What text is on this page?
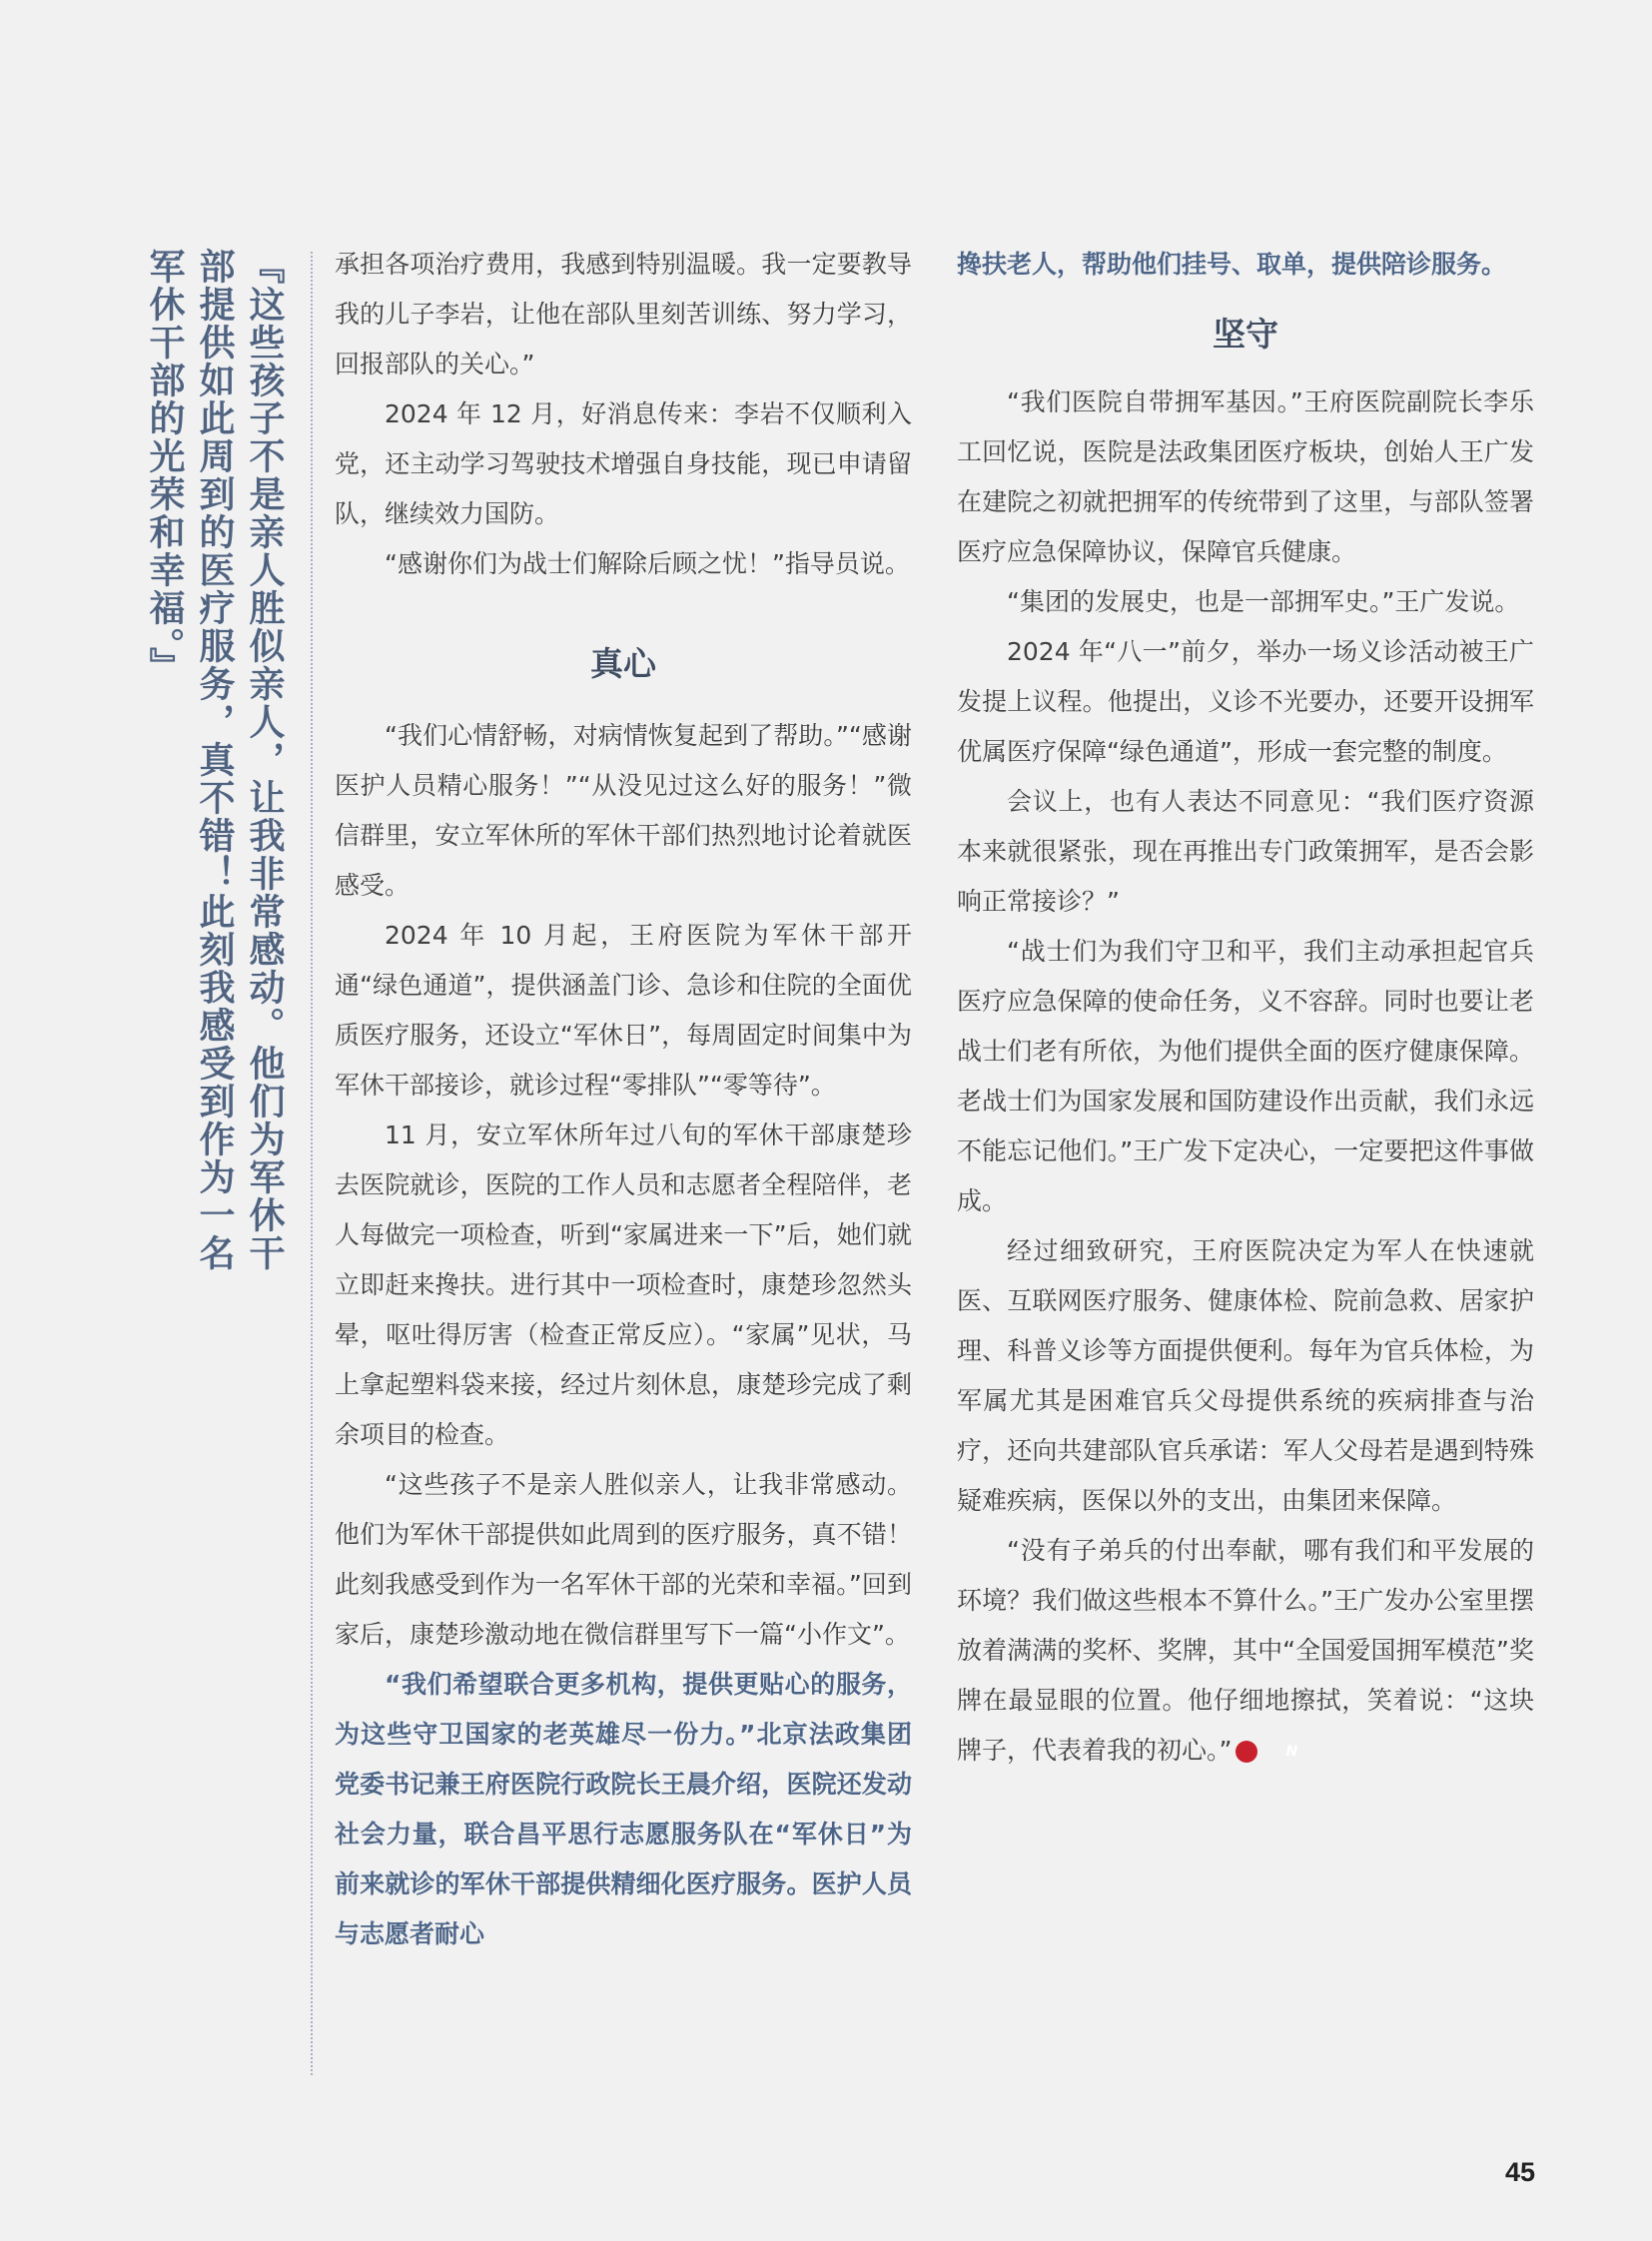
『这些孩子不是亲人胜似亲人，让我非常感动。他们为军休干部提供如此周到的医疗服务，真不错！此刻我感受到作为一名军休干部的光荣和幸福。』	承担各项治疗费用，我感到特别温暖。我一定要教导我的儿子李岩，让他在部队里刻苦训练、努力学习，回报部队的关心。”

2024 年 12 月，好消息传来：李岩不仅顺利入党，还主动学习驾驶技术增强自身技能，现已申请留队，继续效力国防。

“感谢你们为战士们解除后顾之忧！”指导员说。

真心

“我们心情舒畅，对病情恢复起到了帮助。”“感谢医护人员精心服务！”“从没见过这么好的服务！”微信群里，安立军休所的军休干部们热烈地讨论着就医感受。

2024 年 10 月起，王府医院为军休干部开通“绿色通道”，提供涵盖门诊、急诊和住院的全面优质医疗服务，还设立“军休日”，每周固定时间集中为军休干部接诊，就诊过程“零排队”“零等待”。

11 月，安立军休所年过八旬的军休干部康楚珍去医院就诊，医院的工作人员和志愿者全程陪伴，老人每做完一项检查，听到“家属进来一下”后，她们就立即赶来搀扶。进行其中一项检查时，康楚珍忽然头晕，呕吐得厉害（检查正常反应）。“家属”见状，马上拿起塑料袋来接，经过片刻休息，康楚珍完成了剩余项目的检查。

“这些孩子不是亲人胜似亲人，让我非常感动。他们为军休干部提供如此周到的医疗服务，真不错！此刻我感受到作为一名军休干部的光荣和幸福。”回到家后，康楚珍激动地在微信群里写下一篇“小作文”。

“我们希望联合更多机构，提供更贴心的服务，为这些守卫国家的老英雄尽一份力。”北京法政集团党委书记兼王府医院行政院长王晨介绍，医院还发动社会力量，联合昌平思行志愿服务队在“军休日”为前来就诊的军休干部提供精细化医疗服务。医护人员与志愿者耐心

搀扶老人，帮助他们挂号、取单，提供陪诊服务。

坚守

“我们医院自带拥军基因。”王府医院副院长李乐工回忆说，医院是法政集团医疗板块，创始人王广发在建院之初就把拥军的传统带到了这里，与部队签署医疗应急保障协议，保障官兵健康。

“集团的发展史，也是一部拥军史。”王广发说。

2024 年“八一”前夕，举办一场义诊活动被王广发提上议程。他提出，义诊不光要办，还要开设拥军优属医疗保障“绿色通道”，形成一套完整的制度。

会议上，也有人表达不同意见：“我们医疗资源本来就很紧张，现在再推出专门政策拥军，是否会影响正常接诊？”

“战士们为我们守卫和平，我们主动承担起官兵医疗应急保障的使命任务，义不容辞。同时也要让老战士们老有所依，为他们提供全面的医疗健康保障。老战士们为国家发展和国防建设作出贡献，我们永远不能忘记他们。”王广发下定决心，一定要把这件事做成。

经过细致研究，王府医院决定为军人在快速就医、互联网医疗服务、健康体检、院前急救、居家护理、科普义诊等方面提供便利。每年为官兵体检，为军属尤其是困难官兵父母提供系统的疾病排查与治疗，还向共建部队官兵承诺：军人父母若是遇到特殊疑难疾病，医保以外的支出，由集团来保障。

“没有子弟兵的付出奉献，哪有我们和平发展的环境？我们做这些根本不算什么。”王广发办公室里摆放着满满的奖杯、奖牌，其中“全国爱国拥军模范”奖牌在最显眼的位置。他仔细地擦拭，笑着说：“这块牌子，代表着我的初心。”	N

45
